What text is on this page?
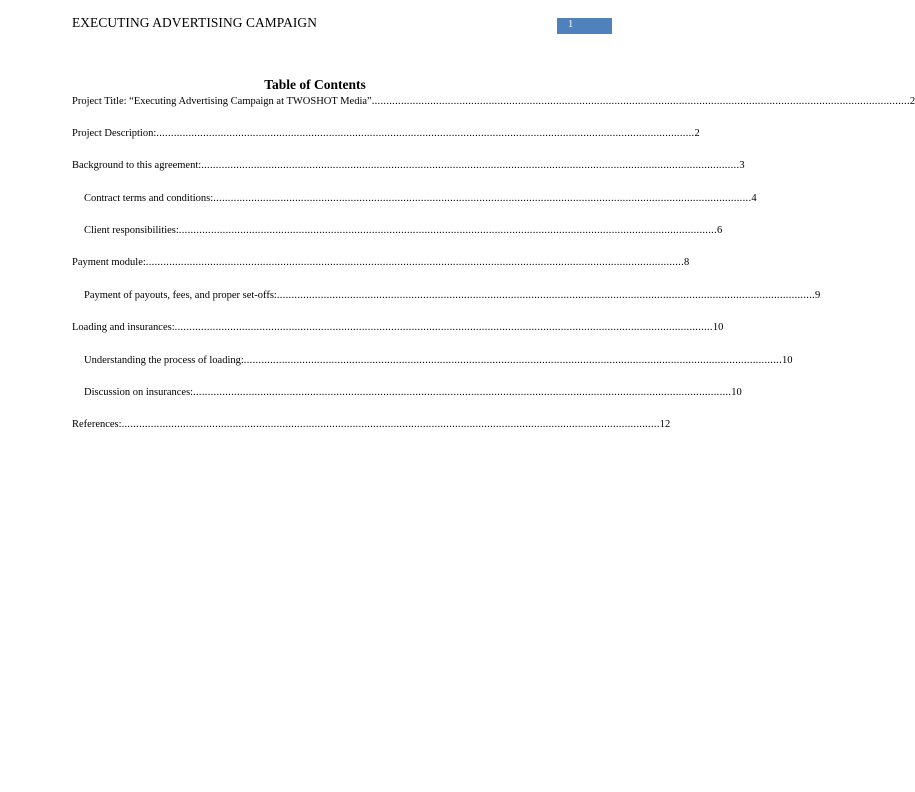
EXECUTING ADVERTISING CAMPAIGN	1
Table of Contents
Project Title: “Executing Advertising Campaign at TWOSHOT Media” ........................................................................................................................................................................................ 2
Project Description: ........................................................................................................................................................................................ 2
Background to this agreement: ........................................................................................................................................................................................ 3
Contract terms and conditions: ........................................................................................................................................................................................ 4
Client responsibilities: ........................................................................................................................................................................................ 6
Payment module: ........................................................................................................................................................................................ 8
Payment of payouts, fees, and proper set-offs: ........................................................................................................................................................................................ 9
Loading and insurances: ........................................................................................................................................................................................ 10
Understanding the process of loading: ........................................................................................................................................................................................ 10
Discussion on insurances: ........................................................................................................................................................................................ 10
References: ........................................................................................................................................................................................ 12
